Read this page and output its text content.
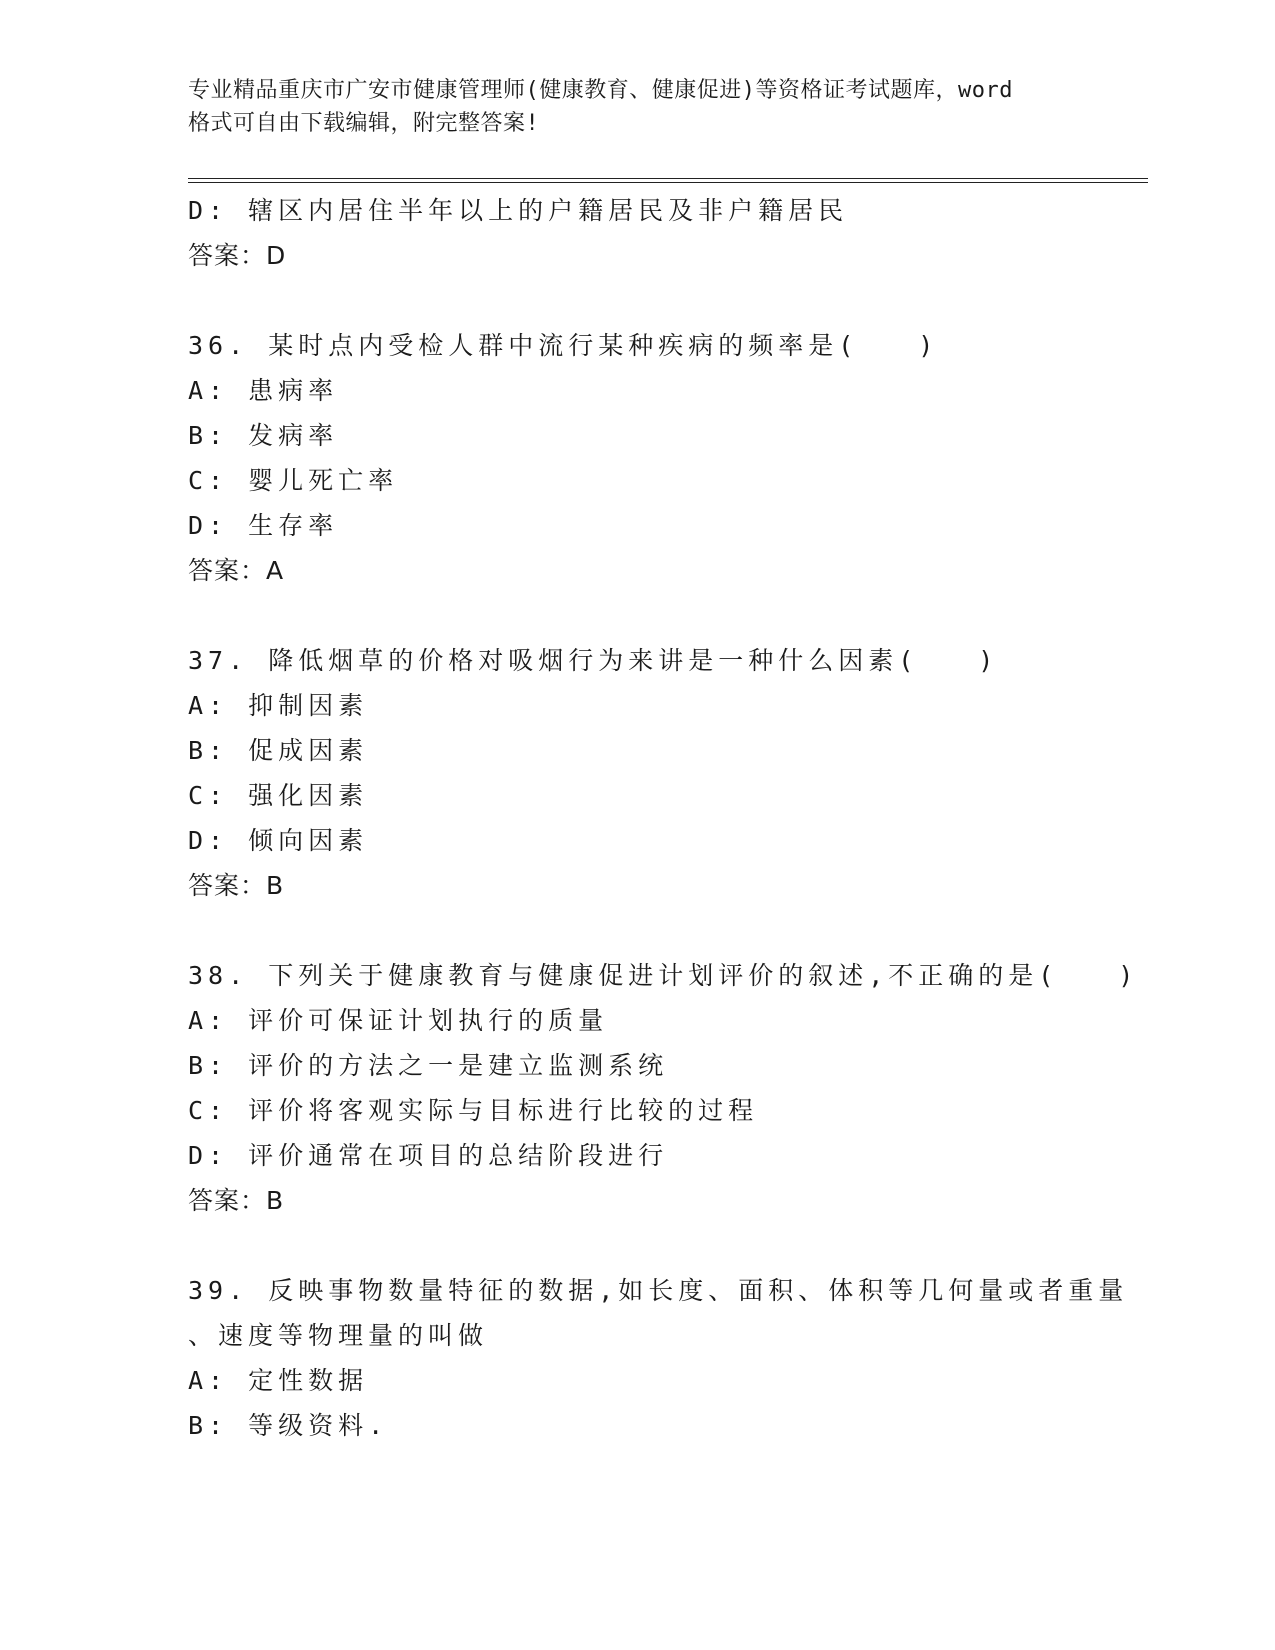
专业精品重庆市广安市健康管理师(健康教育、健康促进)等资格证考试题库，word
格式可自由下载编辑，附完整答案!
D: 辖区内居住半年以上的户籍居民及非户籍居民
答案：D
36. 某时点内受检人群中流行某种疾病的频率是(　　)
A: 患病率
B: 发病率
C: 婴儿死亡率
D: 生存率
答案：A
37. 降低烟草的价格对吸烟行为来讲是一种什么因素(　　)
A: 抑制因素
B: 促成因素
C: 强化因素
D: 倾向因素
答案：B
38. 下列关于健康教育与健康促进计划评价的叙述,不正确的是(　　)
A: 评价可保证计划执行的质量
B: 评价的方法之一是建立监测系统
C: 评价将客观实际与目标进行比较的过程
D: 评价通常在项目的总结阶段进行
答案：B
39. 反映事物数量特征的数据,如长度、面积、体积等几何量或者重量
、速度等物理量的叫做
A: 定性数据
B: 等级资料.
